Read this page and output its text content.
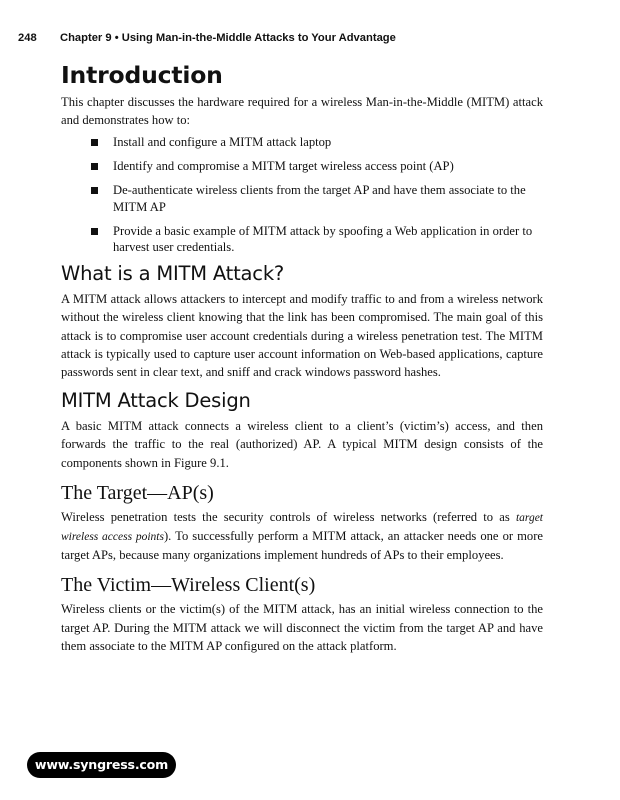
248 Chapter 9 • Using Man-in-the-Middle Attacks to Your Advantage
Introduction

This chapter discusses the hardware required for a wireless Man-in-the-Middle (MITM) attack and demonstrates how to:

Install and configure a MITM attack laptop
Identify and compromise a MITM target wireless access point (AP)
De-authenticate wireless clients from the target AP and have them associate to the MITM AP
Provide a basic example of MITM attack by spoofing a Web application in order to harvest user credentials.
What is a MITM Attack?

A MITM attack allows attackers to intercept and modify traffic to and from a wireless network without the wireless client knowing that the link has been compromised. The main goal of this attack is to compromise user account credentials during a wireless penetration test. The MITM attack is typically used to capture user account information on Web-based applications, capture passwords sent in clear text, and sniff and crack windows password hashes.

MITM Attack Design

A basic MITM attack connects a wireless client to a client’s (victim’s) access, and then forwards the traffic to the real (authorized) AP. A typical MITM design consists of the components shown in Figure 9.1.

The Target—AP(s)

Wireless penetration tests the security controls of wireless networks (referred to as target wireless access points). To successfully perform a MITM attack, an attacker needs one or more target APs, because many organizations implement hundreds of APs to their employees.

The Victim—Wireless Client(s)

Wireless clients or the victim(s) of the MITM attack, has an initial wireless connection to the target AP. During the MITM attack we will disconnect the victim from the target AP and have them associate to the MITM AP configured on the attack platform.

www.syngress.com
